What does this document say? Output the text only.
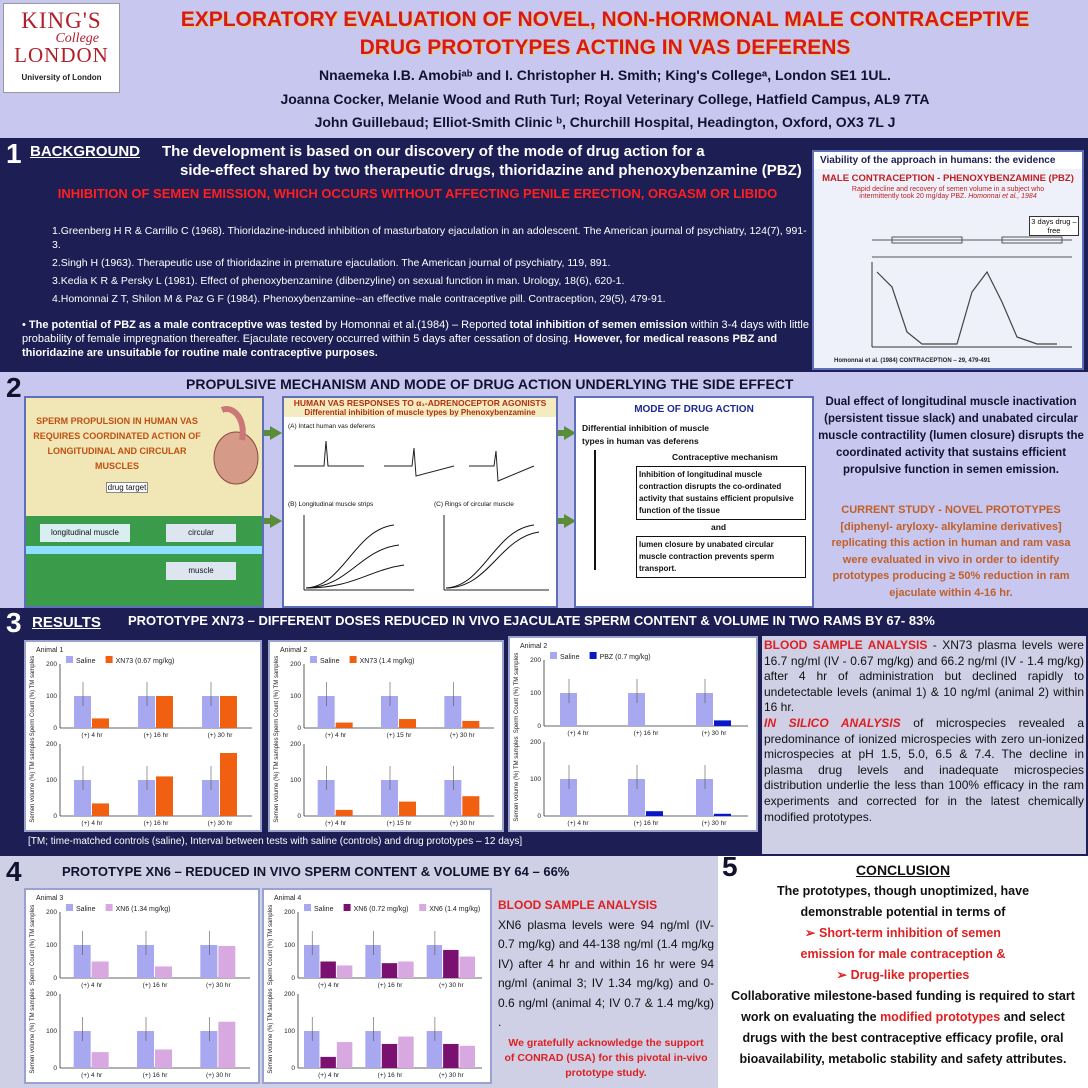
KING'S
College
LONDON
University of London
EXPLORATORY EVALUATION OF NOVEL, NON-HORMONAL MALE CONTRACEPTIVE
DRUG PROTOTYPES ACTING IN VAS DEFERENS
Nnaemeka I.B. Amobiᵃᵇ and I. Christopher H. Smith; King's Collegeᵃ, London SE1 1UL.
Joanna Cocker, Melanie Wood and Ruth Turl; Royal Veterinary College, Hatfield Campus, AL9 7TA
John Guillebaud; Elliot-Smith Clinic ᵇ, Churchill Hospital, Headington, Oxford, OX3 7L J
1 BACKGROUND The development is based on our discovery of the mode of drug action for a
side-effect shared by two therapeutic drugs, thioridazine and phenoxybenzamine (PBZ)
INHIBITION OF SEMEN EMISSION, WHICH OCCURS WITHOUT AFFECTING PENILE ERECTION, ORGASM OR LIBIDO
1.Greenberg H R & Carrillo C (1968). Thioridazine-induced inhibition of masturbatory ejaculation in an adolescent. The American journal of psychiatry, 124(7), 991-3.
2.Singh H (1963). Therapeutic use of thioridazine in premature ejaculation. The American journal of psychiatry, 119, 891.
3.Kedia K R & Persky L (1981). Effect of phenoxybenzamine (dibenzyline) on sexual function in man. Urology, 18(6), 620-1.
4.Homonnai Z T, Shilon M & Paz G F (1984). Phenoxybenzamine--an effective male contraceptive pill. Contraception, 29(5), 479-91.
• The potential of PBZ as a male contraceptive was tested by Homonnai et al.(1984) – Reported total inhibition of semen emission within 3-4 days with little probability of female impregnation thereafter. Ejaculate recovery occurred within 5 days after cessation of dosing. However, for medical reasons PBZ and thioridazine are unsuitable for routine male contraceptive purposes.
Viability of the approach in humans: the evidence
MALE CONTRACEPTION - PHENOXYBENZAMINE (PBZ)
Rapid decline and recovery of semen volume in a subject who intermittently took 20 mg/day PBZ. Homonnai et al., 1984
3 days drug – free
Homonnai et al. (1984) CONTRACEPTION – 29, 479-491
2	PROPULSIVE MECHANISM AND MODE OF DRUG ACTION UNDERLYING THE SIDE EFFECT
SPERM PROPULSION IN HUMAN VAS REQUIRES COORDINATED ACTION OF LONGITUDINAL AND CIRCULAR MUSCLES
drug target
longitudinal muscle	circular
muscle
HUMAN VAS RESPONSES TO α₁-ADRENOCEPTOR AGONISTS
Differential inhibition of muscle types by Phenoxybenzamine
(A) Intact human vas deferens
(B) Longitudinal muscle strips	(C) Rings of circular muscle
MODE OF DRUG ACTION
Differential inhibition of muscle types in human vas deferens
Contraceptive mechanism
Inhibition of longitudinal muscle contraction disrupts the co-ordinated activity that sustains efficient propulsive function of the tissue
and
lumen closure by unabated circular muscle contraction prevents sperm transport.
Dual effect of longitudinal muscle inactivation (persistent tissue slack) and unabated circular muscle contractility (lumen closure) disrupts the coordinated activity that sustains efficient propulsive function in semen emission.
CURRENT STUDY - NOVEL PROTOTYPES [diphenyl- aryloxy- alkylamine derivatives] replicating this action in human and ram vasa were evaluated in vivo in order to identify prototypes producing ≥ 50% reduction in ram ejaculate within 4-16 hr.
3 RESULTS PROTOTYPE XN73 – DIFFERENT DOSES REDUCED IN VIVO EJACULATE SPERM CONTENT & VOLUME IN TWO RAMS BY 67- 83%
Animal 1
Saline	XN73 (0.67 mg/kg)
0
100
200
Sperm Count (%) TM samples	(+) 4 hr	(+) 16 hr	(+) 30 hr
0
100
200
Semen volume (%) TM samples
(+) 4 hr	(+) 16 hr	(+) 30 hr
Animal 2
Saline	XN73 (1.4 mg/kg)
0
100
200
Sperm Count (%) TM samples	(+) 4 hr	(+) 15 hr	(+) 30 hr
0
100
200
Semen volume (%) TM samples
(+) 4 hr	(+) 15 hr	(+) 30 hr
Animal 2
Saline	PBZ (0.7 mg/kg)
0
100
200
Sperm Count (%) TM samples
(+) 4 hr	(+) 16 hr	(+) 30 hr
0
100
200
Semen volume (%) TM samples
(+) 4 hr	(+) 16 hr	(+) 30 hr
[TM; time-matched controls (saline), Interval between tests with saline (controls) and drug prototypes – 12 days]
BLOOD SAMPLE ANALYSIS - XN73 plasma levels were 16.7 ng/ml (IV - 0.67 mg/kg) and 66.2 ng/ml (IV - 1.4 mg/kg) after 4 hr of administration but declined rapidly to undetectable levels (animal 1) & 10 ng/ml (animal 2) within 16 hr.
IN SILICO ANALYSIS of microspecies revealed a predominance of ionized microspecies with zero un-ionized microspecies at pH 1.5, 5.0, 6.5 & 7.4. The decline in plasma drug levels and inadequate microspecies distribution underlie the less than 100% efficacy in the ram experiments and corrected for in the latest chemically modified prototypes.
4	PROTOTYPE XN6 – REDUCED IN VIVO SPERM CONTENT & VOLUME BY 64 – 66%
Animal 3
Saline	XN6 (1.34 mg/kg)
0
100
200
Sperm Count (%) TM samples
(+) 4 hr	(+) 16 hr	(+) 30 hr
0
100
200
Semen volume (%) TM samples
(+) 4 hr	(+) 16 hr	(+) 30 hr
Animal 4
Saline	XN6 (0.72 mg/kg)	XN6 (1.4 mg/kg)
0
100
200
Sperm Count (%) TM samples
(+) 4 hr	(+) 16 hr	(+) 30 hr
0
100
200
Semen volume (%) TM samples
(+) 4 hr	(+) 16 hr	(+) 30 hr
BLOOD SAMPLE ANALYSIS
XN6 plasma levels were 94 ng/ml (IV-0.7 mg/kg) and 44-138 ng/ml (1.4 mg/kg IV) after 4 hr and within 16 hr were 94 ng/ml (animal 3; IV 1.34 mg/kg) and 0-0.6 ng/ml (animal 4; IV 0.7 & 1.4 mg/kg) .
We gratefully acknowledge the support of CONRAD (USA) for this pivotal in-vivo prototype study.
5	CONCLUSION
The prototypes, though unoptimized, have demonstrable potential in terms of
➢ Short-term inhibition of semen emission for male contraception &
➢ Drug-like properties
Collaborative milestone-based funding is required to start work on evaluating the modified prototypes and select drugs with the best contraceptive efficacy profile, oral bioavailability, metabolic stability and safety attributes.
